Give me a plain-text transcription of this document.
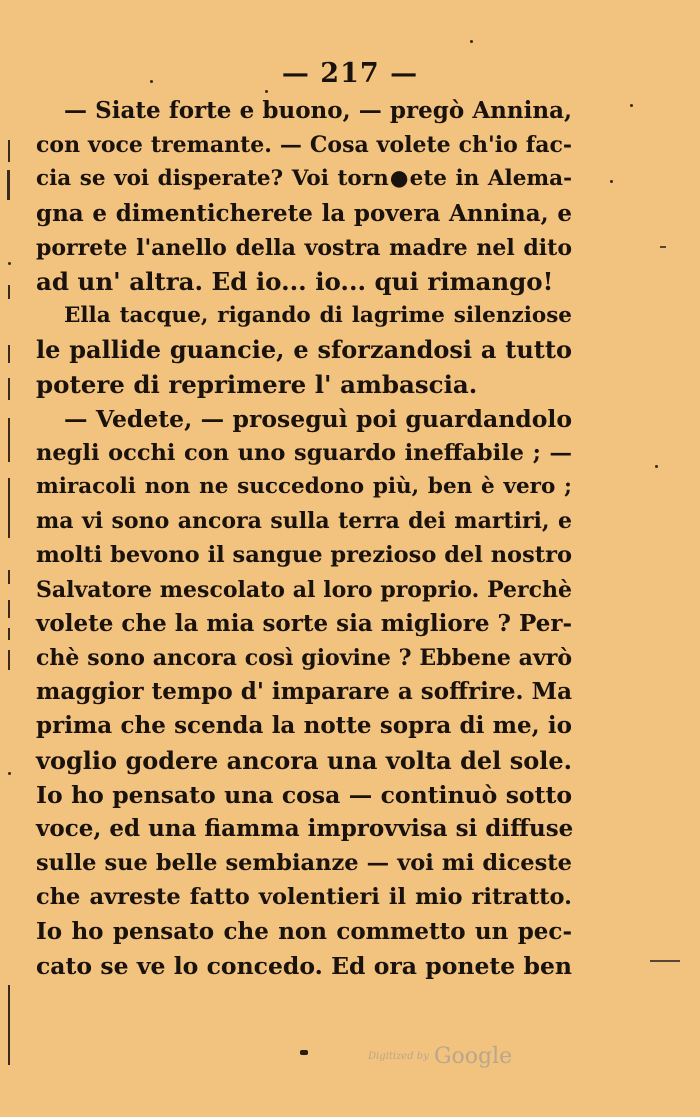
— 217 —
— Siate forte e buono, — pregò Annina,
con voce tremante. — Cosa volete ch'io fac-
cia se voi disperate? Voi torn●ete in Alema-
gna e dimenticherete la povera Annina, e
porrete l'anello della vostra madre nel dito
ad un' altra. Ed io... io... qui rimango!
Ella tacque, rigando di lagrime silenziose
le pallide guancie, e sforzandosi a tutto
potere di reprimere l' ambascia.
— Vedete, — proseguì poi guardandolo
negli occhi con uno sguardo ineffabile ; —
miracoli non ne succedono più, ben è vero ;
ma vi sono ancora sulla terra dei martiri, e
molti bevono il sangue prezioso del nostro
Salvatore mescolato al loro proprio. Perchè
volete che la mia sorte sia migliore ? Per-
chè sono ancora così giovine ? Ebbene avrò
maggior tempo d' imparare a soffrire. Ma
prima che scenda la notte sopra di me, io
voglio godere ancora una volta del sole.
Io ho pensato una cosa — continuò sotto
voce, ed una fiamma improvvisa si diffuse
sulle sue belle sembianze — voi mi diceste
che avreste fatto volentieri il mio ritratto.
Io ho pensato che non commetto un pec-
cato se ve lo concedo. Ed ora ponete ben
Digitized by Google
